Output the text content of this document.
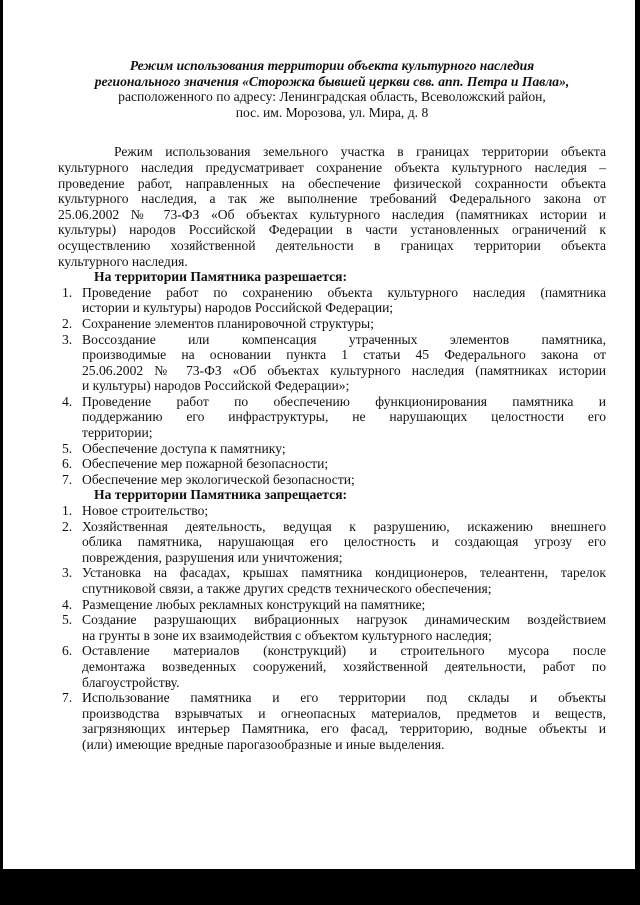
Режим использования территории объекта культурного наследия
регионального значения «Сторожка бывшей церкви свв. апп. Петра и Павла»,
расположенного по адресу: Ленинградская область, Всеволожский район,
пос. им. Морозова, ул. Мира, д. 8
Режим использования земельного участка в границах территории объекта
культурного наследия предусматривает сохранение объекта культурного наследия –
проведение работ, направленных на обеспечение физической сохранности объекта
культурного наследия, а так же выполнение требований Федерального закона от
25.06.2002 № 73-ФЗ «Об объектах культурного наследия (памятниках истории и
культуры) народов Российской Федерации в части установленных ограничений к
осуществлению хозяйственной деятельности в границах территории объекта
культурного наследия.
На территории Памятника разрешается:
1. Проведение работ по сохранению объекта культурного наследия (памятника
истории и культуры) народов Российской Федерации;
2. Сохранение элементов планировочной структуры;
3. Воссоздание или компенсация утраченных элементов памятника,
производимые на основании пункта 1 статьи 45 Федерального закона от
25.06.2002 № 73-ФЗ «Об объектах культурного наследия (памятниках истории
и культуры) народов Российской Федерации»;
4. Проведение работ по обеспечению функционирования памятника и
поддержанию его инфраструктуры, не нарушающих целостности его
территории;
5. Обеспечение доступа к памятнику;
6. Обеспечение мер пожарной безопасности;
7. Обеспечение мер экологической безопасности;
На территории Памятника запрещается:
1. Новое строительство;
2. Хозяйственная деятельность, ведущая к разрушению, искажению внешнего
облика памятника, нарушающая его целостность и создающая угрозу его
повреждения, разрушения или уничтожения;
3. Установка на фасадах, крышах памятника кондиционеров, телеантенн, тарелок
спутниковой связи, а также других средств технического обеспечения;
4. Размещение любых рекламных конструкций на памятнике;
5. Создание разрушающих вибрационных нагрузок динамическим воздействием
на грунты в зоне их взаимодействия с объектом культурного наследия;
6. Оставление материалов (конструкций) и строительного мусора после
демонтажа возведенных сооружений, хозяйственной деятельности, работ по
благоустройству.
7. Использование памятника и его территории под склады и объекты
производства взрывчатых и огнеопасных материалов, предметов и веществ,
загрязняющих интерьер Памятника, его фасад, территорию, водные объекты и
(или) имеющие вредные парогазообразные и иные выделения.
